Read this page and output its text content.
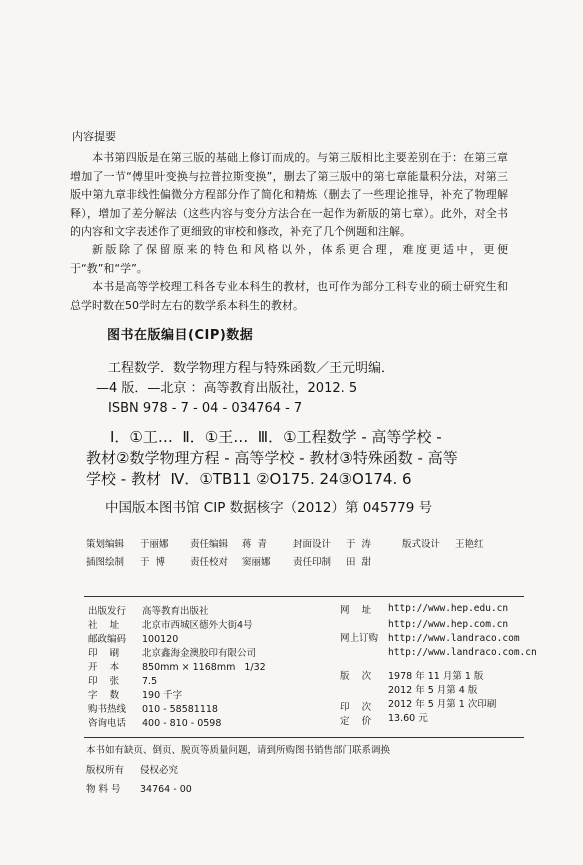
内容提要

本书第四版是在第三版的基础上修订而成的。与第三版相比主要差别在于：在第三章增加了一节“傅里叶变换与拉普拉斯变换”，删去了第三版中的第七章能量积分法，对第三版中第九章非线性偏微分方程部分作了简化和精炼（删去了一些理论推导，补充了物理解释），增加了差分解法（这些内容与变分方法合在一起作为新版的第七章）。此外，对全书的内容和文字表述作了更细致的审校和修改，补充了几个例题和注解。

新版除了保留原来的特色和风格以外，体系更合理，难度更适中，更便于“教”和“学”。

本书是高等学校理工科各专业本科生的教材，也可作为部分工科专业的硕士研究生和总学时数在50学时左右的数学系本科生的教材。

图书在版编目(CIP)数据
工程数学．数学物理方程与特殊函数／王元明编．
—4 版．—北京 ：高等教育出版社，2012. 5
ISBN 978 - 7 - 04 - 034764 - 7
Ⅰ．①工…  Ⅱ．①王…  Ⅲ．①工程数学 - 高等学校 -
教材②数学物理方程 - 高等学校 - 教材③特殊函数 - 高等
学校 - 教材  Ⅳ．①TB11 ②O175. 24③O174. 6
中国版本图书馆 CIP 数据核字（2012）第 045779 号
策划编辑 于丽娜 责任编辑 蒋  青	封面设计 于  涛	版式设计 王艳红
插图绘制 于  博	责任校对 窦丽娜 责任印制 田  甜
出版发行 高等教育出版社
社    址 北京市西城区德外大街4号
邮政编码 100120
印    刷 北京鑫海金澳胶印有限公司
开    本 850mm × 1168mm   1/32
印    张 7.5
字    数 190 千字
购书热线 010 - 58581118
咨询电话 400 - 810 - 0598
网    址 http://www.hep.edu.cn
http://www.hep.com.cn
网上订购 http://www.landraco.com
http://www.landraco.com.cn
版    次 1978 年 11 月第 1 版
2012 年 5 月第 4 版
印    次 2012 年 5 月第 1 次印刷
定    价 13.60 元
本书如有缺页、倒页、脱页等质量问题，请到所购图书销售部门联系调换
版权所有 侵权必究
物 料 号 34764 - 00
